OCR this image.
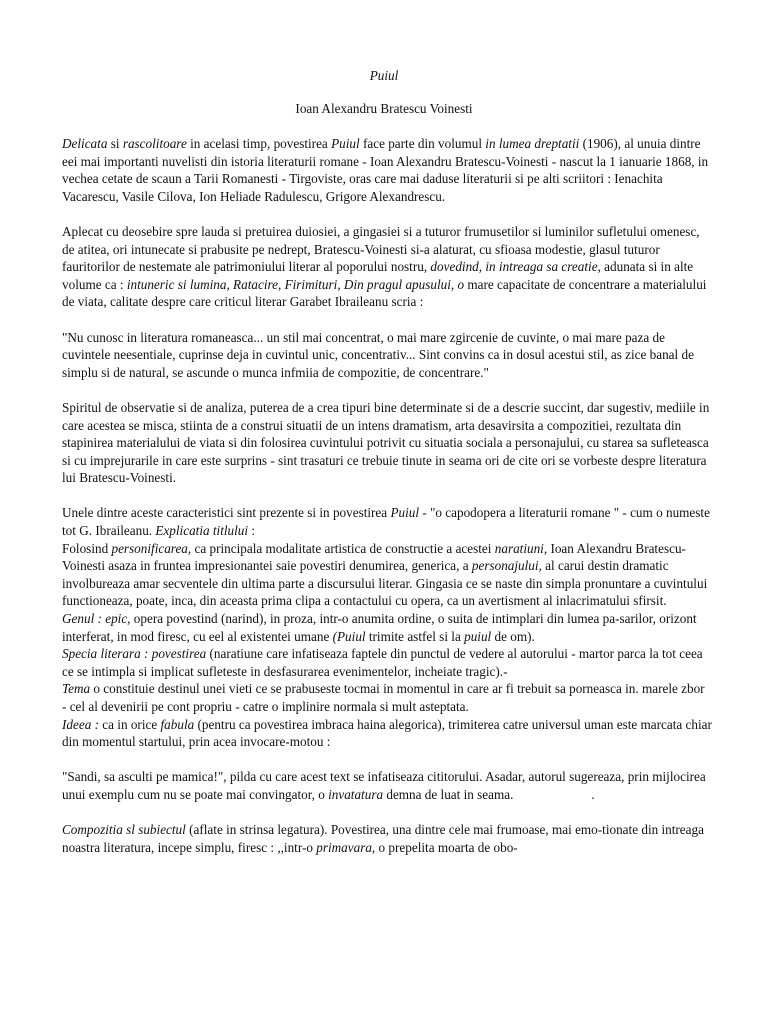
Puiul
Ioan Alexandru Bratescu Voinesti

Delicata si rascolitoare in acelasi timp, povestirea Puiul face parte din volumul in lumea dreptatii (1906), al unuia dintre eei mai importanti nuvelisti din istoria literaturii romane - Ioan Alexandru Bratescu-Voinesti - nascut la 1 ianuarie 1868, in vechea cetate de scaun a Tarii Romanesti - Tirgoviste, oras care mai daduse literaturii si pe alti scriitori : Ienachita Vacarescu, Vasile Cilova, Ion Heliade Radulescu, Grigore Alexandrescu.

Aplecat cu deosebire spre lauda si pretuirea duiosiei, a gingasiei si a tuturor frumusetilor si luminilor sufletului omenesc, de atitea, ori intunecate si prabusite pe nedrept, Bratescu-Voinesti si-a alaturat, cu sfioasa modestie, glasul tuturor fauritorilor de nestemate ale patrimoniului literar al poporului nostru, dovedind, in intreaga sa creatie, adunata si in alte volume ca : intuneric si lumina, Ratacire, Firimituri, Din pragul apusului, o mare capacitate de concentrare a materialului de viata, calitate despre care criticul literar Garabet Ibraileanu scria :

"Nu cunosc in literatura romaneasca... un stil mai concentrat, o mai mare zgircenie de cuvinte, o mai mare paza de cuvintele neesentiale, cuprinse deja in cuvintul unic, concentrativ... Sint convins ca in dosul acestui stil, as zice banal de simplu si de natural, se ascunde o munca infmiia de compozitie, de concentrare."

Spiritul de observatie si de analiza, puterea de a crea tipuri bine determinate si de a descrie succint, dar sugestiv, mediile in care acestea se misca, stiinta de a construi situatii de un intens dramatism, arta desavirsita a compozitiei, rezultata din stapinirea materialului de viata si din folosirea cuvintului potrivit cu situatia sociala a personajului, cu starea sa sufleteasca si cu imprejurarile in care este surprins - sint trasaturi ce trebuie tinute in seama ori de cite ori se vorbeste despre literatura lui Bratescu-Voinesti.

Unele dintre aceste caracteristici sint prezente si in povestirea Puiul - "o capodopera a literaturii romane " - cum o numeste tot G. Ibraileanu. Explicatia titlului :

Folosind personificarea, ca principala modalitate artistica de constructie a acestei naratiuni, Ioan Alexandru Bratescu-Voinesti asaza in fruntea impresionantei saie povestiri denumirea, generica, a personajului, al carui destin dramatic involbureaza amar secventele din ultima parte a discursului literar. Gingasia ce se naste din simpla pronuntare a cuvintului functioneaza, poate, inca, din aceasta prima clipa a contactului cu opera, ca un avertisment al inlacrimatului sfirsit.

Genul : epic, opera povestind (narind), in proza, intr-o anumita ordine, o suita de intimplari din lumea pa-sarilor, orizont interferat, in mod firesc, cu eel al existentei umane (Puiul trimite astfel si la puiul de om).

Specia literara : povestirea (naratiune care infatiseaza faptele din punctul de vedere al autorului - martor parca la tot ceea ce se intimpla si implicat sufleteste in desfasurarea evenimentelor, incheiate tragic).-

Tema o constituie destinul unei vieti ce se prabuseste tocmai in momentul in care ar fi trebuit sa porneasca in. marele zbor - cel al devenirii pe cont propriu - catre o implinire normala si mult asteptata.

Ideea : ca in orice fabula (pentru ca povestirea imbraca haina alegorica), trimiterea catre universul uman este marcata chiar din momentul startului, prin acea invocare-motou :

"Sandi, sa asculti pe mamica!", pilda cu care acest text se infatiseaza cititorului. Asadar, autorul sugereaza, prin mijlocirea unui exemplu cum nu se poate mai convingator, o invatatura demna de luat in seama.	.

Compozitia sl subiectul (aflate in strinsa legatura). Povestirea, una dintre cele mai frumoase, mai emo-tionate din intreaga noastra literatura, incepe simplu, firesc : ,,intr-o primavara, o prepelita moarta de obo-
